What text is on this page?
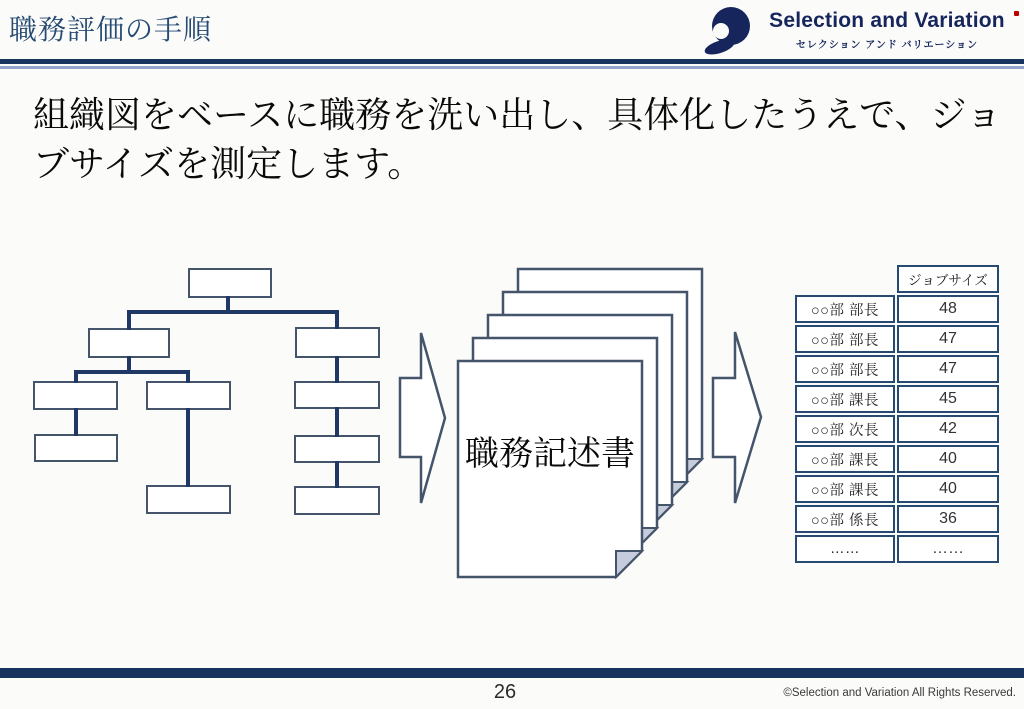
職務評価の手順	Selection and Variation
セレクション アンド バリエーション
組織図をベースに職務を洗い出し、具体化したうえで、ジョブサイズを測定します。
職務記述書
ジョブサイズ
○○部 部長	48
○○部 部長	47
○○部 部長	47
○○部 課長	45
○○部 次長	42
○○部 課長	40
○○部 課長	40
○○部 係長	36
……	……
26	©Selection and Variation All Rights Reserved.
